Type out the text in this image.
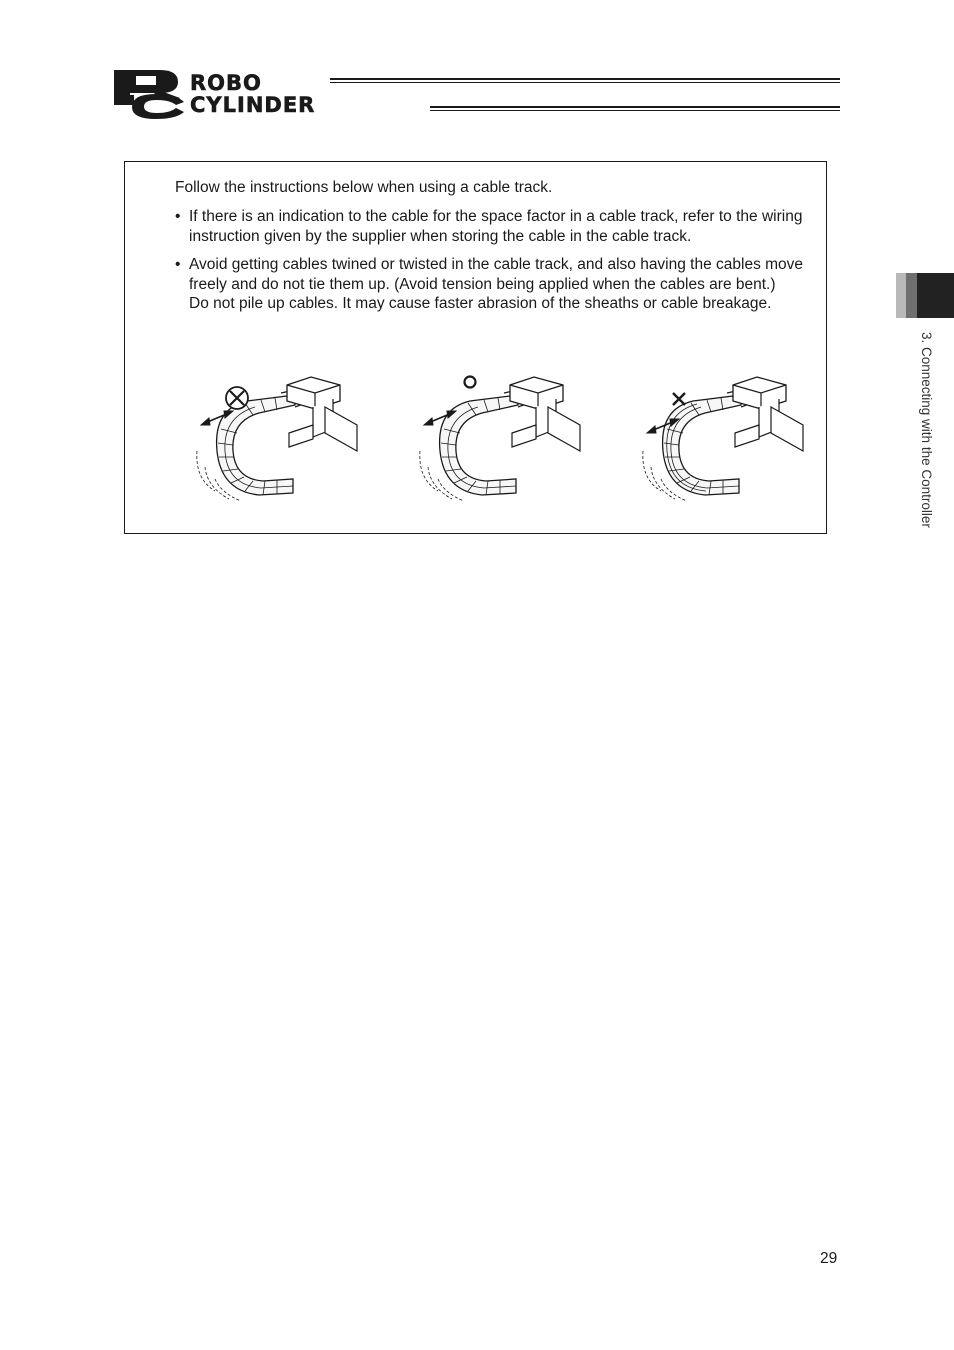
ROBO
CYLINDER
Follow the instructions below when using a cable track.
• If there is an indication to the cable for the space factor in a cable track, refer to the wiring instruction given by the supplier when storing the cable in the cable track.
• Avoid getting cables twined or twisted in the cable track, and also having the cables move freely and do not tie them up. (Avoid tension being applied when the cables are bent.)
Do not pile up cables. It may cause faster abrasion of the sheaths or cable breakage.
3. Connecting with the Controller
29
